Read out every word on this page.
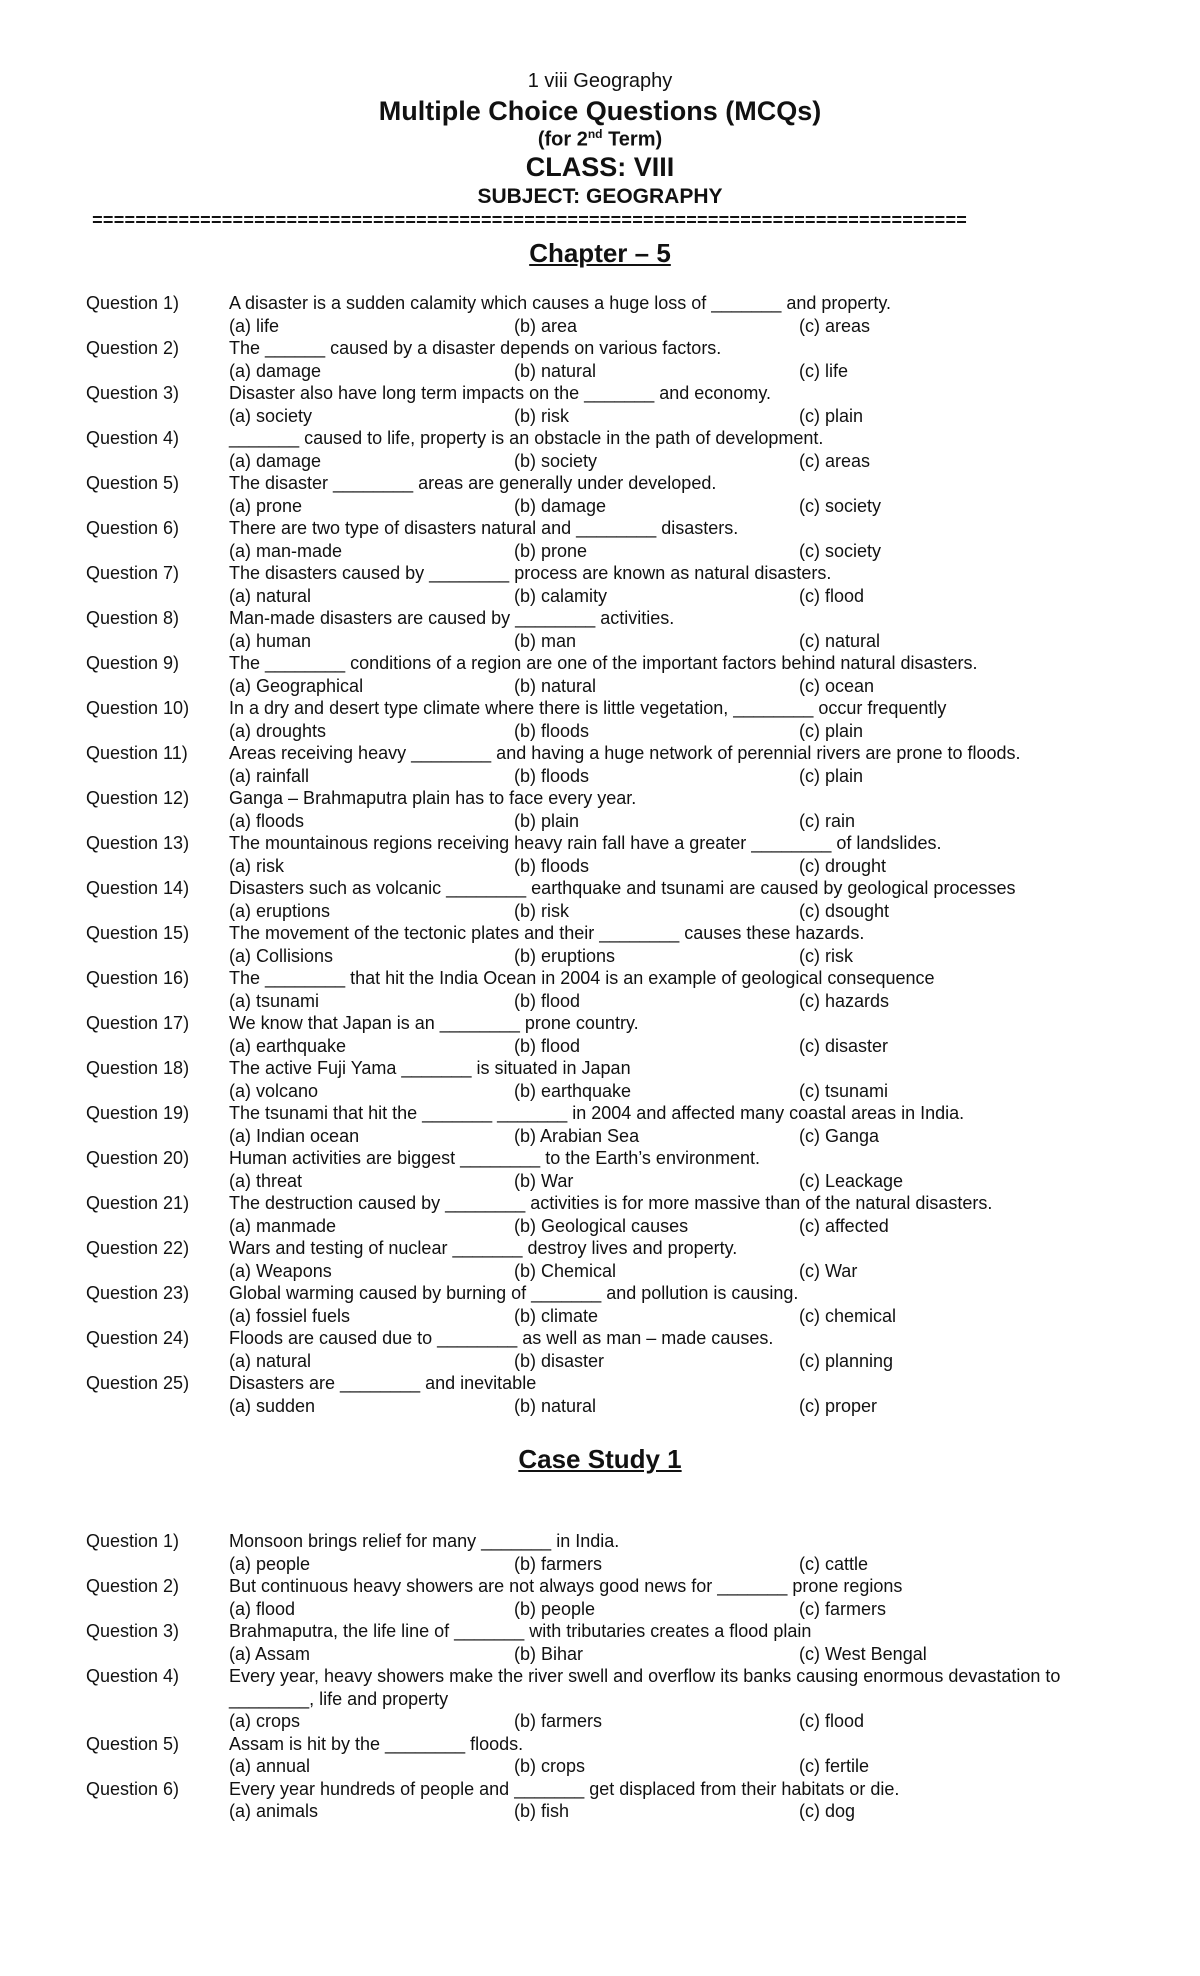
1 viii Geography
Multiple Choice Questions (MCQs)
(for 2nd Term)
CLASS: VIII
SUBJECT: GEOGRAPHY
=================================================================================
Chapter – 5
Question 1)	A disaster is a sudden calamity which causes a huge loss of _______ and property.
(a) life	(b) area	(c) areas
Question 2)	The ______ caused by a disaster depends on various factors.
(a) damage	(b) natural	(c) life
Question 3)	Disaster also have long term impacts on the _______ and economy.
(a) society	(b) risk	(c) plain
Question 4)	_______ caused to life, property is an obstacle in the path of development.
(a) damage	(b) society	(c) areas
Question 5)	The disaster ________ areas are generally under developed.
(a) prone	(b) damage	(c) society
Question 6)	There are two type of disasters natural and ________ disasters.
(a) man-made	(b) prone	(c) society
Question 7)	The disasters caused by ________ process are known as natural disasters.
(a) natural	(b) calamity	(c) flood
Question 8)	Man-made disasters are caused by ________ activities.
(a) human	(b) man	(c) natural
Question 9)	The ________ conditions of a region are one of the important factors behind natural disasters.
(a) Geographical	(b) natural	(c) ocean
Question 10)	In a dry and desert type climate where there is little vegetation, ________ occur frequently
(a) droughts	(b) floods	(c) plain
Question 11)	Areas receiving heavy ________ and having a huge network of perennial rivers are prone to floods.
(a) rainfall	(b) floods	(c) plain
Question 12)	Ganga – Brahmaputra plain has to face every year.
(a) floods	(b) plain	(c) rain
Question 13)	The mountainous regions receiving heavy rain fall have a greater ________ of landslides.
(a) risk	(b) floods	(c) drought
Question 14)	Disasters such as volcanic ________ earthquake and tsunami are caused by geological processes
(a) eruptions	(b) risk	(c) dsought
Question 15)	The movement of the tectonic plates and their ________ causes these hazards.
(a) Collisions	(b) eruptions	(c) risk
Question 16)	The ________ that hit the India Ocean in 2004 is an example of geological consequence
(a) tsunami	(b) flood	(c) hazards
Question 17)	We know that Japan is an ________ prone country.
(a) earthquake	(b) flood	(c) disaster
Question 18)	The active Fuji Yama _______ is situated in Japan
(a) volcano	(b) earthquake	(c) tsunami
Question 19)	The tsunami that hit the _______ _______ in 2004 and affected many coastal areas in India.
(a) Indian ocean	(b) Arabian Sea	(c) Ganga
Question 20)	Human activities are biggest ________ to the Earth’s environment.
(a) threat	(b) War	(c) Leackage
Question 21)	The destruction caused by ________ activities is for more massive than of the natural disasters.
(a) manmade	(b) Geological causes	(c) affected
Question 22)	Wars and testing of nuclear _______ destroy lives and property.
(a) Weapons	(b) Chemical	(c) War
Question 23)	Global warming caused by burning of _______ and pollution is causing.
(a) fossiel fuels	(b) climate	(c) chemical
Question 24)	Floods are caused due to ________ as well as man – made causes.
(a) natural	(b) disaster	(c) planning
Question 25)	Disasters are ________ and inevitable
(a) sudden	(b) natural	(c) proper
Case Study 1
Question 1)	Monsoon brings relief for many _______ in India.
(a) people	(b) farmers	(c) cattle
Question 2)	But continuous heavy showers are not always good news for _______ prone regions
(a) flood	(b) people	(c) farmers
Question 3)	Brahmaputra, the life line of _______ with tributaries creates a flood plain
(a) Assam	(b) Bihar	(c) West Bengal
Question 4)	Every year, heavy showers make the river swell and overflow its banks causing enormous devastation to ________, life and property
(a) crops	(b) farmers	(c) flood
Question 5)	Assam is hit by the ________ floods.
(a) annual	(b) crops	(c) fertile
Question 6)	Every year hundreds of people and _______ get displaced from their habitats or die.
(a) animals	(b) fish	(c) dog
